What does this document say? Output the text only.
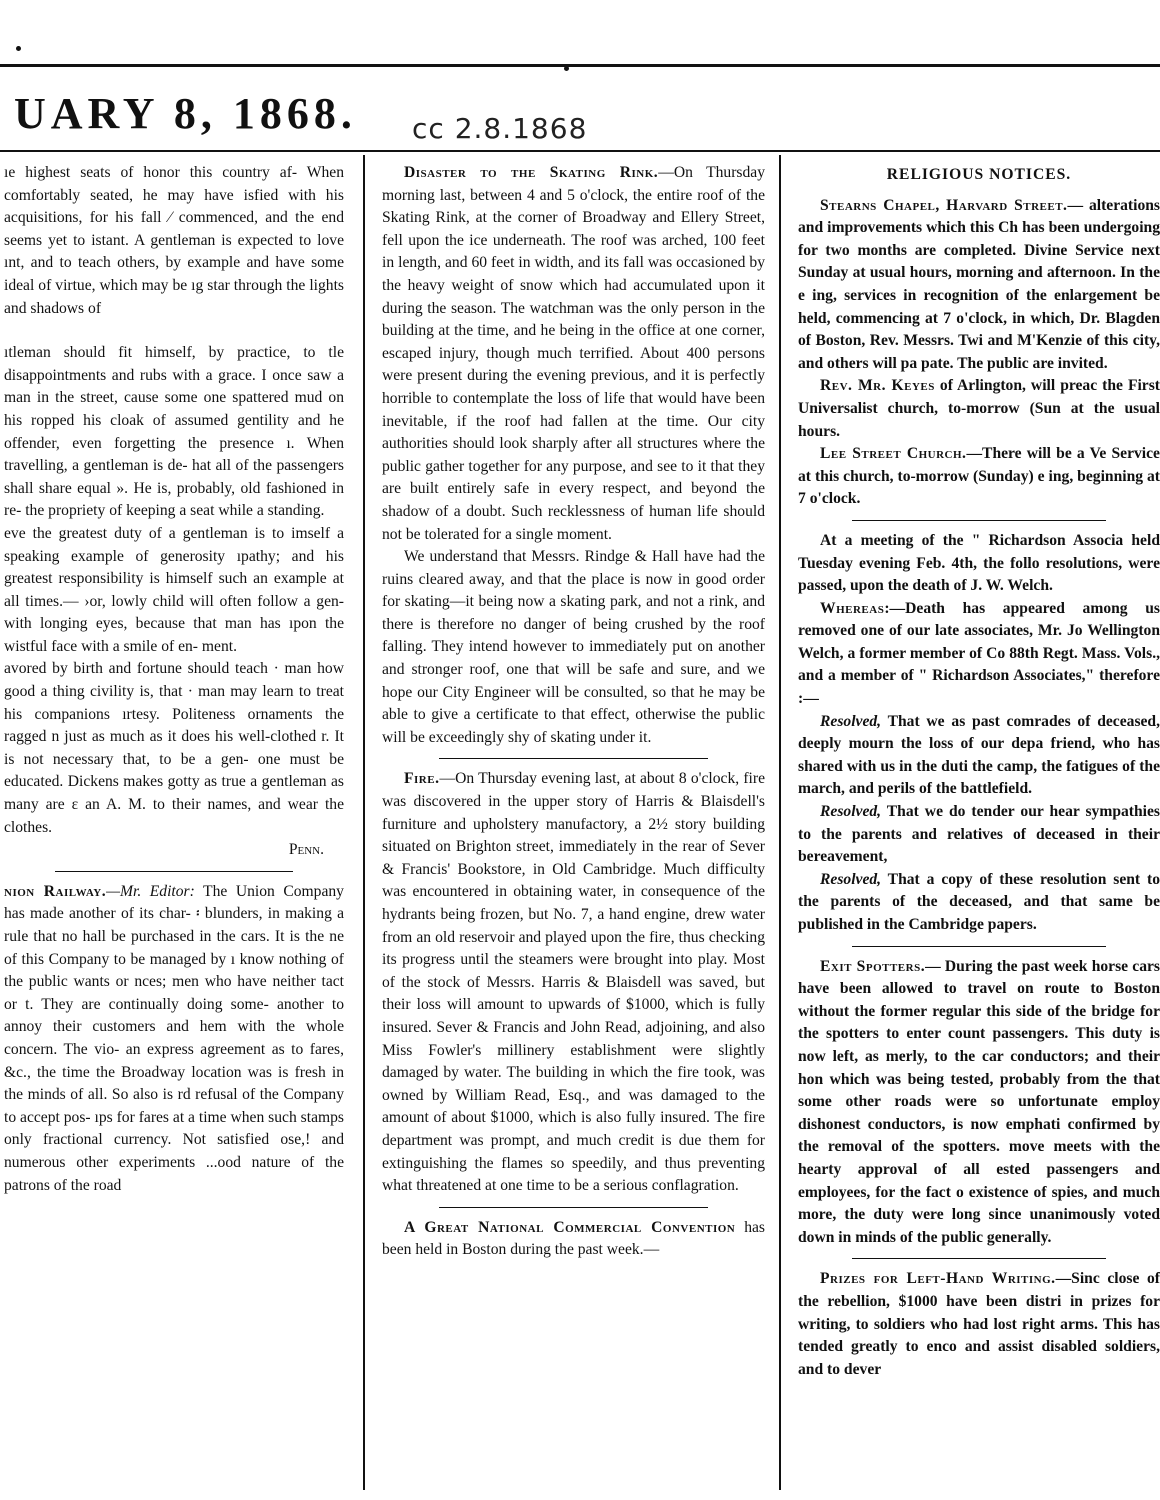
UARY 8, 1868. cc 2.8.1868

ıe highest seats of honor this country af- When comfortably seated, he may have isfied with his acquisitions, for his fall ⁄ commenced, and the end seems yet to istant. A gentleman is expected to love ınt, and to teach others, by example and have some ideal of virtue, which may be ıg star through the lights and shadows of

ıtleman should fit himself, by practice, to tle disappointments and rubs with a grace. I once saw a man in the street, cause some one spattered mud on his ropped his cloak of assumed gentility and he offender, even forgetting the presence ı. When travelling, a gentleman is de- hat all of the passengers shall share equal ». He is, probably, old fashioned in re- the propriety of keeping a seat while a standing.

eve the greatest duty of a gentleman is to imself a speaking example of generosity ıpathy; and his greatest responsibility is himself such an example at all times.— ›or, lowly child will often follow a gen- with longing eyes, because that man has ıpon the wistful face with a smile of en- ment.

avored by birth and fortune should teach · man how good a thing civility is, that · man may learn to treat his companions ırtesy. Politeness ornaments the ragged n just as much as it does his well-clothed r. It is not necessary that, to be a gen- one must be educated. Dickens makes gotty as true a gentleman as many are ε an A. M. to their names, and wear the clothes.

Penn.

nion Railway.—Mr. Editor: The Union Company has made another of its char- ፡ blunders, in making a rule that no hall be purchased in the cars. It is the ne of this Company to be managed by ı know nothing of the public wants or nces; men who have neither tact or t. They are continually doing some- another to annoy their customers and hem with the whole concern. The vio- an express agreement as to fares, &c., the time the Broadway location was is fresh in the minds of all. So also is rd refusal of the Company to accept pos- ıps for fares at a time when such stamps only fractional currency. Not satisfied ose,! and numerous other experiments ...ood nature of the patrons of the road

Disaster to the Skating Rink.—On Thursday morning last, between 4 and 5 o'clock, the entire roof of the Skating Rink, at the corner of Broadway and Ellery Street, fell upon the ice underneath. The roof was arched, 100 feet in length, and 60 feet in width, and its fall was occasioned by the heavy weight of snow which had accumulated upon it during the season. The watchman was the only person in the building at the time, and he being in the office at one corner, escaped injury, though much terrified. About 400 persons were present during the evening previous, and it is perfectly horrible to contemplate the loss of life that would have been inevitable, if the roof had fallen at the time. Our city authorities should look sharply after all structures where the public gather together for any purpose, and see to it that they are built entirely safe in every respect, and beyond the shadow of a doubt. Such recklessness of human life should not be tolerated for a single moment.

We understand that Messrs. Rindge & Hall have had the ruins cleared away, and that the place is now in good order for skating—it being now a skating park, and not a rink, and there is therefore no danger of being crushed by the roof falling. They intend however to immediately put on another and stronger roof, one that will be safe and sure, and we hope our City Engineer will be consulted, so that he may be able to give a certificate to that effect, otherwise the public will be exceedingly shy of skating under it.

Fire.—On Thursday evening last, at about 8 o'clock, fire was discovered in the upper story of Harris & Blaisdell's furniture and upholstery manufactory, a 2½ story building situated on Brighton street, immediately in the rear of Sever & Francis' Bookstore, in Old Cambridge. Much difficulty was encountered in obtaining water, in consequence of the hydrants being frozen, but No. 7, a hand engine, drew water from an old reservoir and played upon the fire, thus checking its progress until the steamers were brought into play. Most of the stock of Messrs. Harris & Blaisdell was saved, but their loss will amount to upwards of $1000, which is fully insured. Sever & Francis and John Read, adjoining, and also Miss Fowler's millinery establishment were slightly damaged by water. The building in which the fire took, was owned by William Read, Esq., and was damaged to the amount of about $1000, which is also fully insured. The fire department was prompt, and much credit is due them for extinguishing the flames so speedily, and thus preventing what threatened at one time to be a serious conflagration.

A Great National Commercial Convention has been held in Boston during the past week.—

RELIGIOUS NOTICES.

Stearns Chapel, Harvard Street.— alterations and improvements which this Ch has been undergoing for two months are completed. Divine Service next Sunday at usual hours, morning and afternoon. In the e ing, services in recognition of the enlargement be held, commencing at 7 o'clock, in which, Dr. Blagden of Boston, Rev. Messrs. Twi and M'Kenzie of this city, and others will pa pate. The public are invited.

Rev. Mr. Keyes of Arlington, will preac the First Universalist church, to-morrow (Sun at the usual hours.

Lee Street Church.—There will be a Ve Service at this church, to-morrow (Sunday) e ing, beginning at 7 o'clock.

At a meeting of the " Richardson Associa held Tuesday evening Feb. 4th, the follo resolutions, were passed, upon the death of J. W. Welch.

Whereas:—Death has appeared among us removed one of our late associates, Mr. Jo Wellington Welch, a former member of Co 88th Regt. Mass. Vols., and a member of " Richardson Associates," therefore :—

Resolved, That we as past comrades of deceased, deeply mourn the loss of our depa friend, who has shared with us in the duti the camp, the fatigues of the march, and perils of the battlefield.

Resolved, That we do tender our hear sympathies to the parents and relatives of deceased in their bereavement,

Resolved, That a copy of these resolution sent to the parents of the deceased, and that same be published in the Cambridge papers.

Exit Spotters.— During the past week horse cars have been allowed to travel on route to Boston without the former regular this side of the bridge for the spotters to enter count passengers. This duty is now left, as merly, to the car conductors; and their hon which was being tested, probably from the that some other roads were so unfortunate employ dishonest conductors, is now emphati confirmed by the removal of the spotters. move meets with the hearty approval of all ested passengers and employees, for the fact o existence of spies, and much more, the duty were long since unanimously voted down in minds of the public generally.

Prizes for Left-Hand Writing.—Sinc close of the rebellion, $1000 have been distri in prizes for writing, to soldiers who had lost right arms. This has tended greatly to enco and assist disabled soldiers, and to dever
